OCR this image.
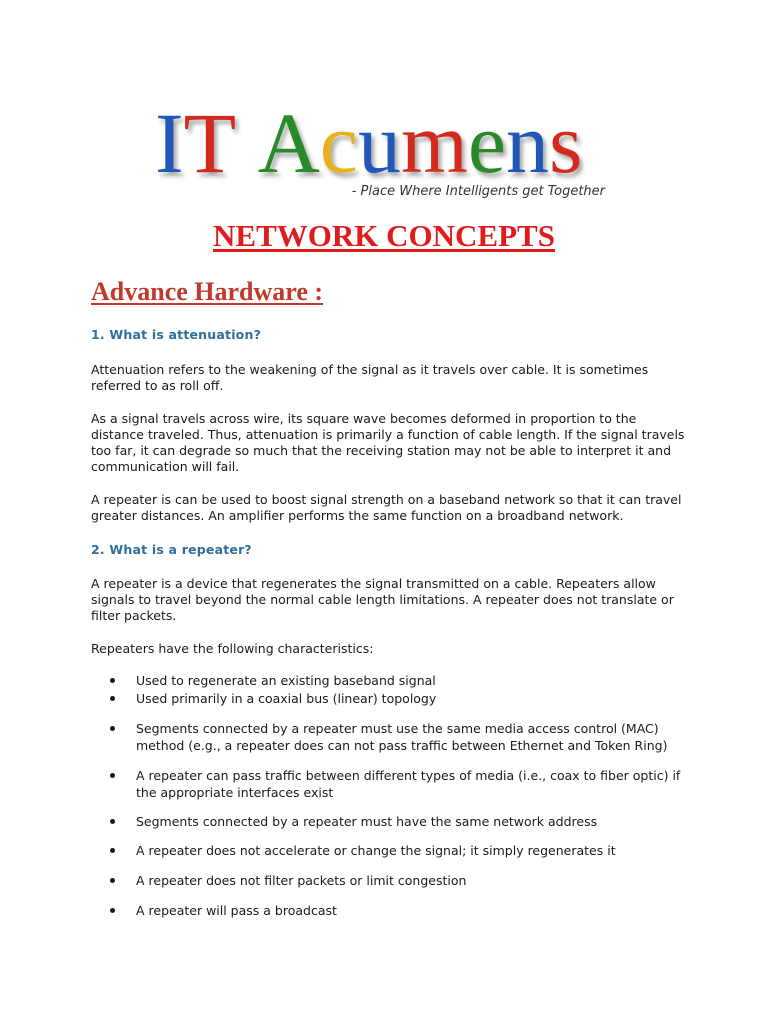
IT Acumens
- Place Where Intelligents get Together
NETWORK CONCEPTS
Advance Hardware :
1. What is attenuation?
Attenuation refers to the weakening of the signal as it travels over cable. It is sometimes referred to as roll off.
As a signal travels across wire, its square wave becomes deformed in proportion to the distance traveled. Thus, attenuation is primarily a function of cable length. If the signal travels too far, it can degrade so much that the receiving station may not be able to interpret it and communication will fail.
A repeater is can be used to boost signal strength on a baseband network so that it can travel greater distances. An amplifier performs the same function on a broadband network.
2. What is a repeater?
A repeater is a device that regenerates the signal transmitted on a cable. Repeaters allow signals to travel beyond the normal cable length limitations. A repeater does not translate or filter packets.
Repeaters have the following characteristics:
Used to regenerate an existing baseband signal
Used primarily in a coaxial bus (linear) topology
Segments connected by a repeater must use the same media access control (MAC) method (e.g., a repeater does can not pass traffic between Ethernet and Token Ring)
A repeater can pass traffic between different types of media (i.e., coax to fiber optic) if the appropriate interfaces exist
Segments connected by a repeater must have the same network address
A repeater does not accelerate or change the signal; it simply regenerates it
A repeater does not filter packets or limit congestion
A repeater will pass a broadcast
